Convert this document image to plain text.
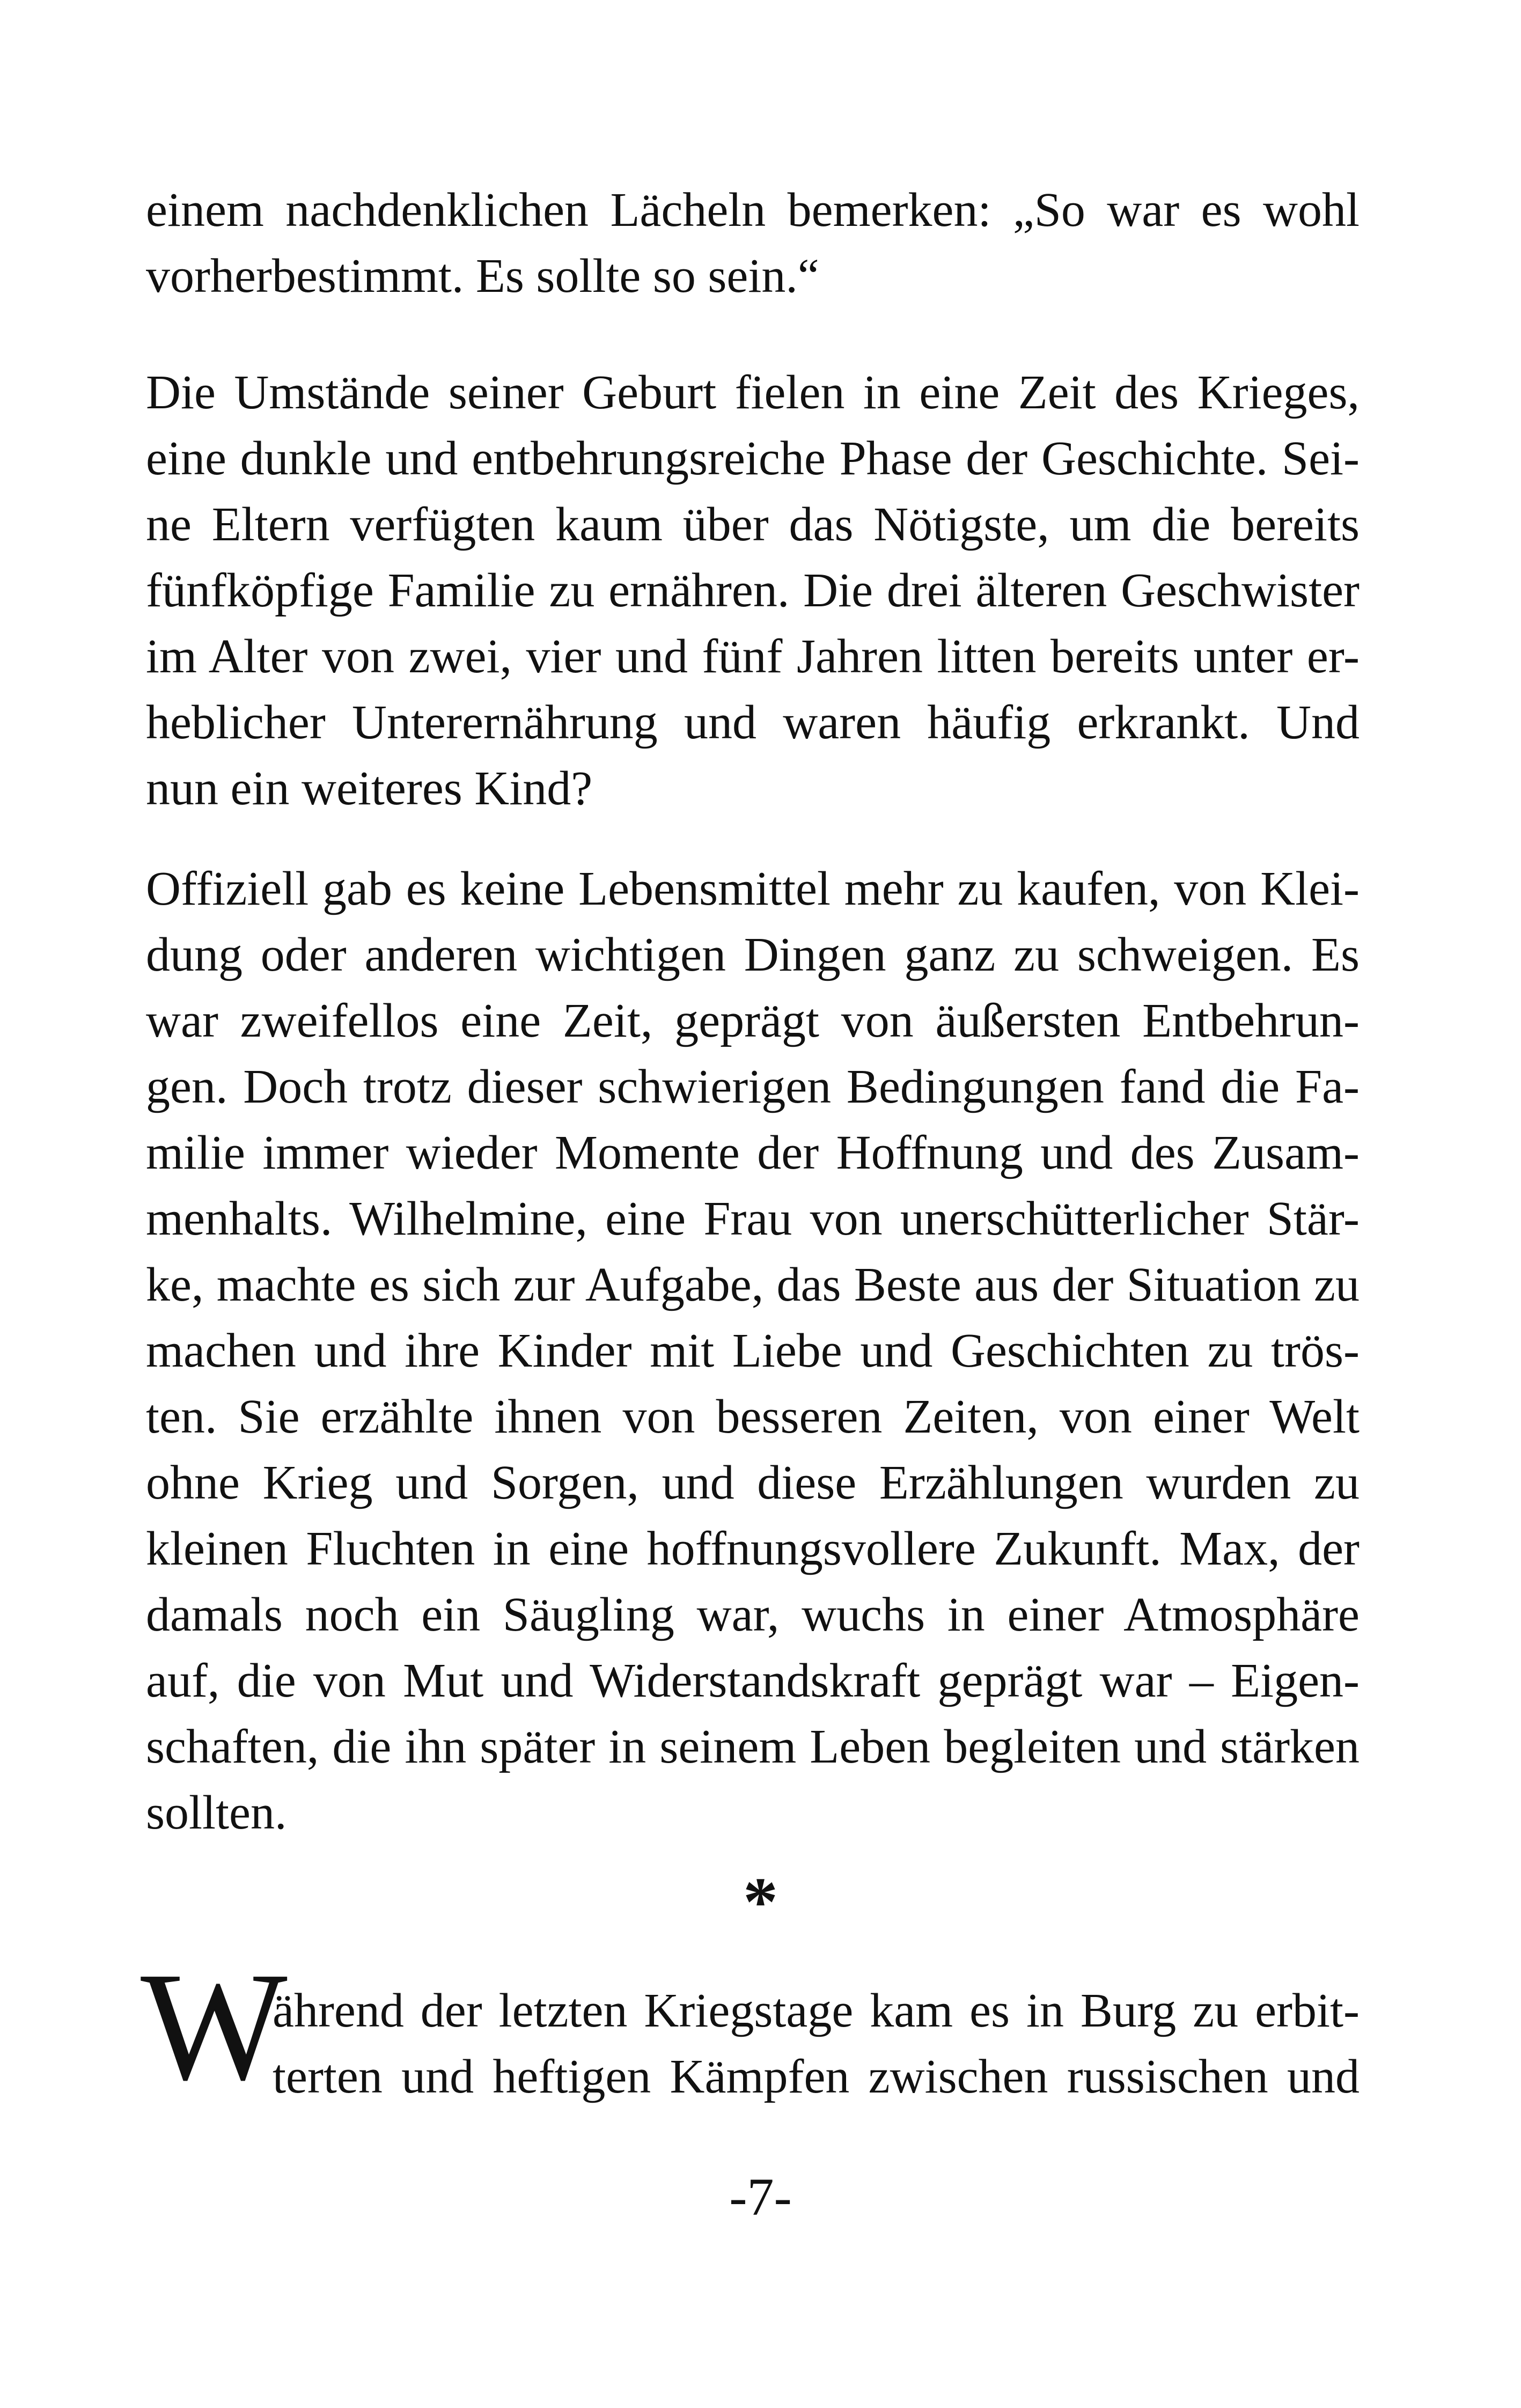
einem nachdenklichen Lächeln bemerken: „So war es wohl
vorherbestimmt. Es sollte so sein.“
Die Umstände seiner Geburt fielen in eine Zeit des Krieges,
eine dunkle und entbehrungsreiche Phase der Geschichte. Sei-
ne Eltern verfügten kaum über das Nötigste, um die bereits
fünfköpfige Familie zu ernähren. Die drei älteren Geschwister
im Alter von zwei, vier und fünf Jahren litten bereits unter er-
heblicher Unterernährung und waren häufig erkrankt. Und
nun ein weiteres Kind?
Offiziell gab es keine Lebensmittel mehr zu kaufen, von Klei-
dung oder anderen wichtigen Dingen ganz zu schweigen. Es
war zweifellos eine Zeit, geprägt von äußersten Entbehrun-
gen. Doch trotz dieser schwierigen Bedingungen fand die Fa-
milie immer wieder Momente der Hoffnung und des Zusam-
menhalts. Wilhelmine, eine Frau von unerschütterlicher Stär-
ke, machte es sich zur Aufgabe, das Beste aus der Situation zu
machen und ihre Kinder mit Liebe und Geschichten zu trös-
ten. Sie erzählte ihnen von besseren Zeiten, von einer Welt
ohne Krieg und Sorgen, und diese Erzählungen wurden zu
kleinen Fluchten in eine hoffnungsvollere Zukunft. Max, der
damals noch ein Säugling war, wuchs in einer Atmosphäre
auf, die von Mut und Widerstandskraft geprägt war – Eigen-
schaften, die ihn später in seinem Leben begleiten und stärken
sollten.
*
W
ährend der letzten Kriegstage kam es in Burg zu erbit-
terten und heftigen Kämpfen zwischen russischen und
-7-
